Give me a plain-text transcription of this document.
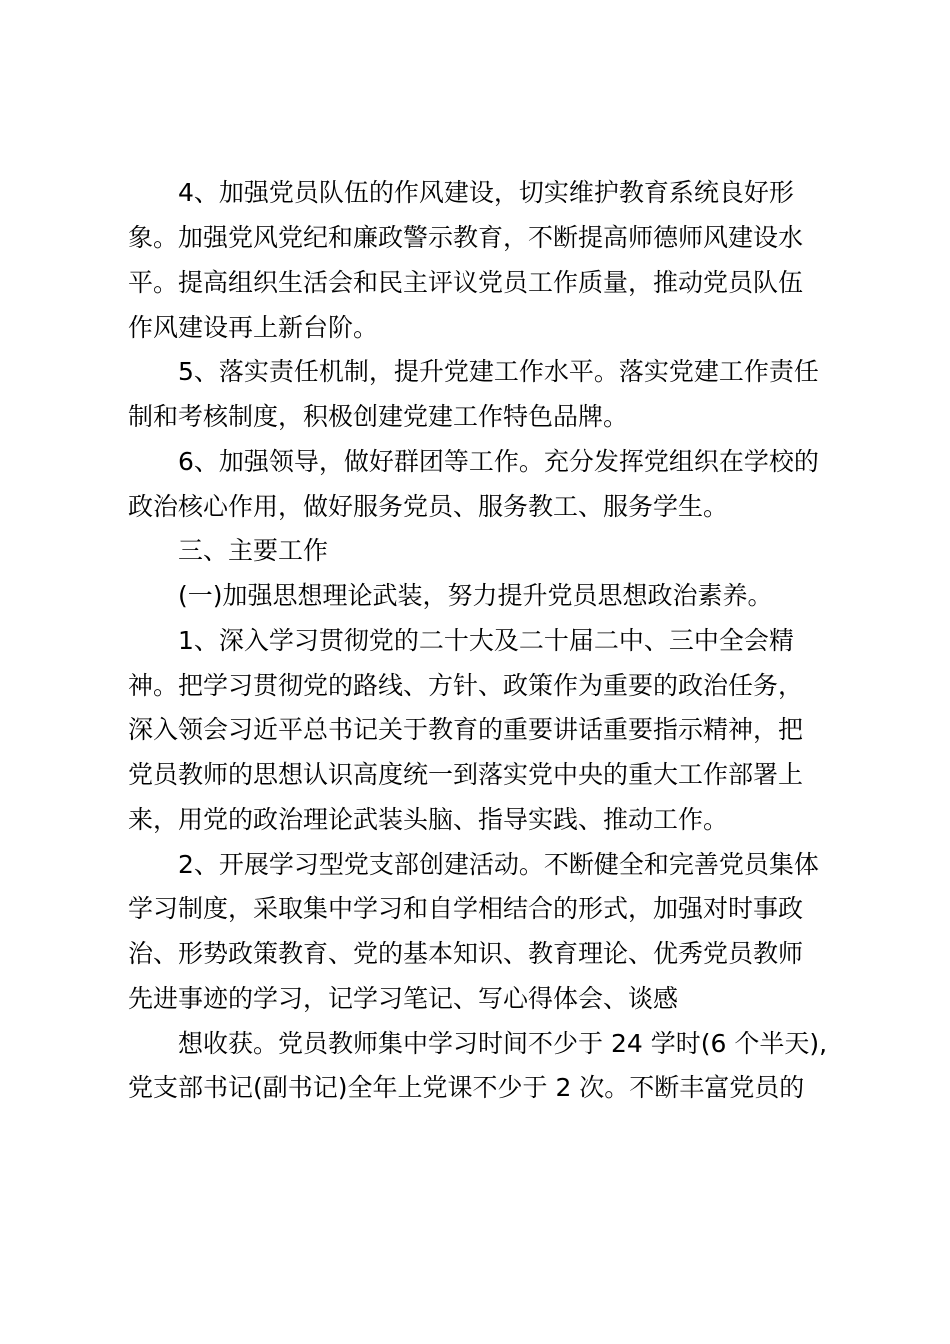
4、加强党员队伍的作风建设，切实维护教育系统良好形
象。加强党风党纪和廉政警示教育，不断提高师德师风建设水
平。提高组织生活会和民主评议党员工作质量，推动党员队伍
作风建设再上新台阶。
5、落实责任机制，提升党建工作水平。落实党建工作责任
制和考核制度，积极创建党建工作特色品牌。
6、加强领导，做好群团等工作。充分发挥党组织在学校的
政治核心作用，做好服务党员、服务教工、服务学生。
三、主要工作
(一)加强思想理论武装，努力提升党员思想政治素养。
1、深入学习贯彻党的二十大及二十届二中、三中全会精
神。把学习贯彻党的路线、方针、政策作为重要的政治任务，
深入领会习近平总书记关于教育的重要讲话重要指示精神，把
党员教师的思想认识高度统一到落实党中央的重大工作部署上
来，用党的政治理论武装头脑、指导实践、推动工作。
2、开展学习型党支部创建活动。不断健全和完善党员集体
学习制度，采取集中学习和自学相结合的形式，加强对时事政
治、形势政策教育、党的基本知识、教育理论、优秀党员教师
先进事迹的学习，记学习笔记、写心得体会、谈感
想收获。党员教师集中学习时间不少于 24 学时(6 个半天),
党支部书记(副书记)全年上党课不少于 2 次。不断丰富党员的
